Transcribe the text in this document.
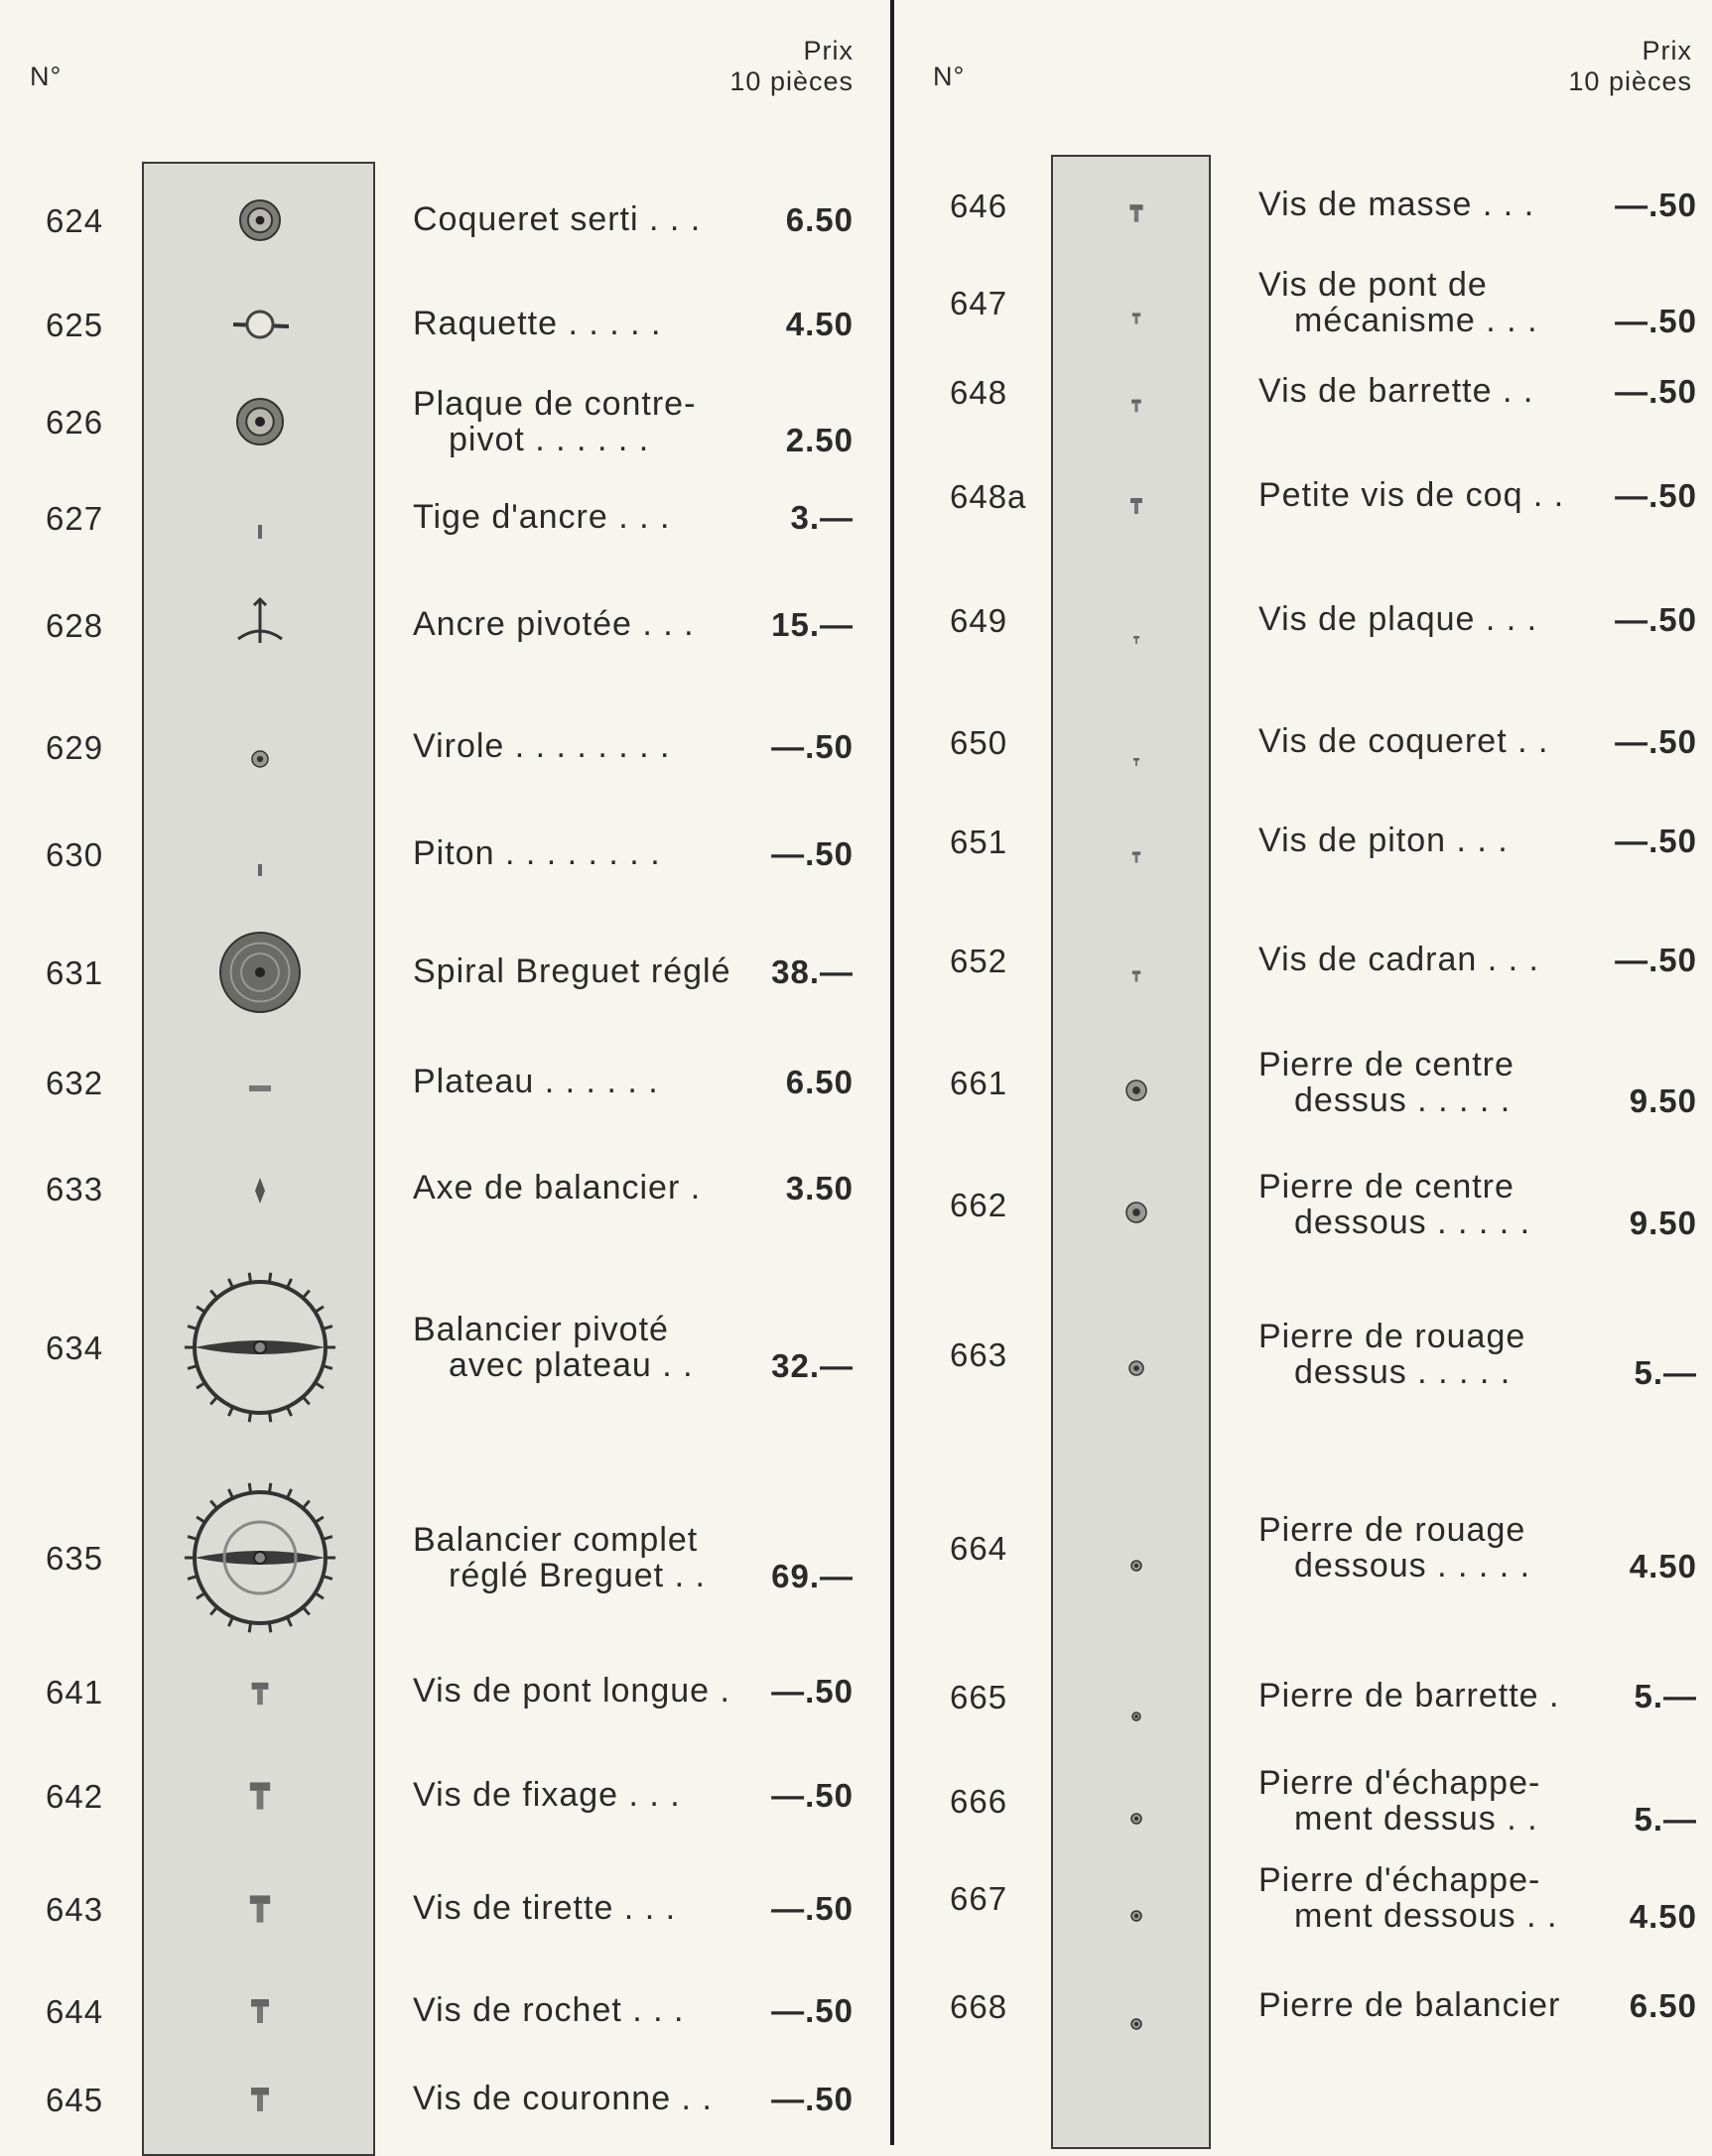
N°
Prix
10 pièces	N°
Prix
10 pièces
624	Coqueret serti . . .	6.50
625	Raquette . . . . .	4.50
626	Plaque de contre-
pivot . . . . . .	2.50
627	Tige d'ancre . . .	3.—
628	Ancre pivotée . . .	15.—
629	Virole . . . . . . . .	—.50
630	Piton . . . . . . . .	—.50
631	Spiral Breguet réglé	38.—
632	Plateau . . . . . .	6.50
633	Axe de balancier .	3.50
634	Balancier pivoté
avec plateau . .	32.—
635	Balancier complet
réglé Breguet . .	69.—
641	Vis de pont longue .	—.50
642	Vis de fixage . . .	—.50
643	Vis de tirette . . .	—.50
644	Vis de rochet . . .	—.50
645	Vis de couronne . .	—.50
646	Vis de masse . . .	—.50
647	Vis de pont de
mécanisme . . .	—.50
648	Vis de barrette . .	—.50
648a	Petite vis de coq . .	—.50
649	Vis de plaque . . .	—.50
650	Vis de coqueret . .	—.50
651	Vis de piton . . .	—.50
652	Vis de cadran . . .	—.50
661	Pierre de centre
dessus . . . . .	9.50
662	Pierre de centre
dessous . . . . .	9.50
663	Pierre de rouage
dessus . . . . .	5.—
664	Pierre de rouage
dessous . . . . .	4.50
665	Pierre de barrette .	5.—
666	Pierre d'échappe-
ment dessus . .	5.—
667	Pierre d'échappe-
ment dessous . .	4.50
668	Pierre de balancier	6.50
